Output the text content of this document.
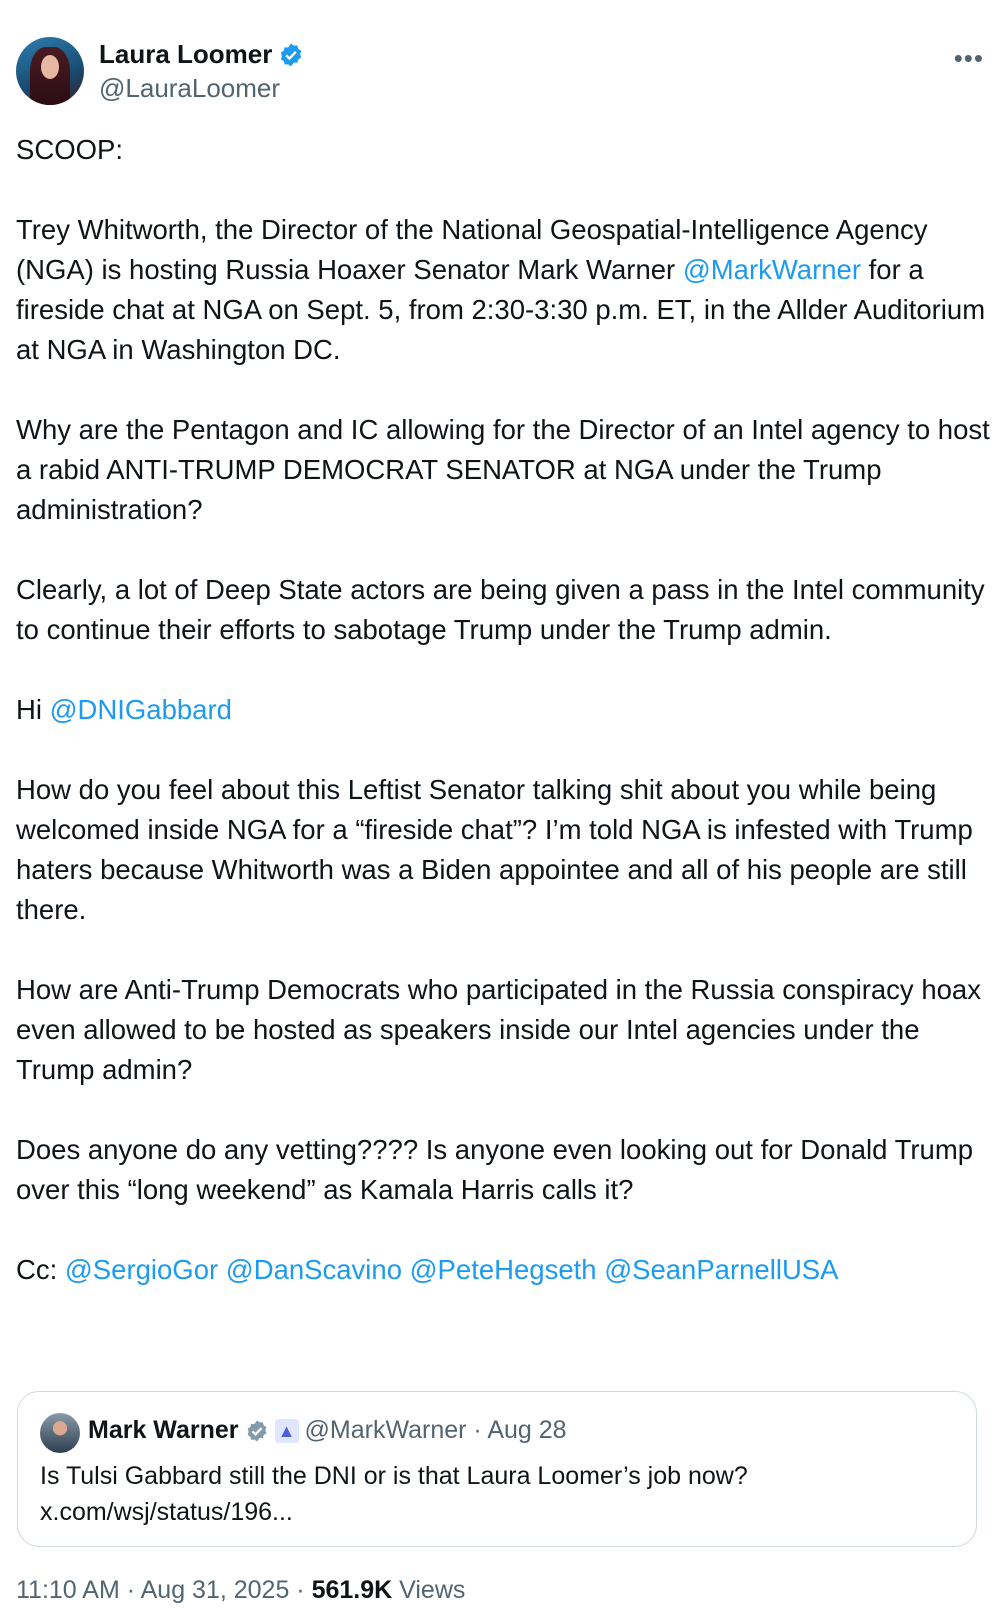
Laura Loomer
@LauraLoomer
•••

SCOOP:

Trey Whitworth, the Director of the National Geospatial-Intelligence Agency
(NGA) is hosting Russia Hoaxer Senator Mark Warner @MarkWarner for a fireside chat at NGA on Sept. 5, from 2:30-3:30 p.m. ET, in the Allder Auditorium at NGA in Washington DC.

Why are the Pentagon and IC allowing for the Director of an Intel agency to host a rabid ANTI-TRUMP DEMOCRAT SENATOR at NGA under the Trump administration?

Clearly, a lot of Deep State actors are being given a pass in the Intel community to continue their efforts to sabotage Trump under the Trump admin.

Hi @DNIGabbard

How do you feel about this Leftist Senator talking shit about you while being welcomed inside NGA for a “fireside chat”? I’m told NGA is infested with Trump haters because Whitworth was a Biden appointee and all of his people are still there.

How are Anti-Trump Democrats who participated in the Russia conspiracy hoax even allowed to be hosted as speakers inside our Intel agencies under the Trump admin?

Does anyone do any vetting???? Is anyone even looking out for Donald Trump over this “long weekend” as Kamala Harris calls it?

Cc: @SergioGor @DanScavino @PeteHegseth @SeanParnellUSA

Mark Warner ▲ @MarkWarner · Aug 28
Is Tulsi Gabbard still the DNI or is that Laura Loomer’s job now?
x.com/wsj/status/196...
11:10 AM · Aug 31, 2025 · 561.9K Views
